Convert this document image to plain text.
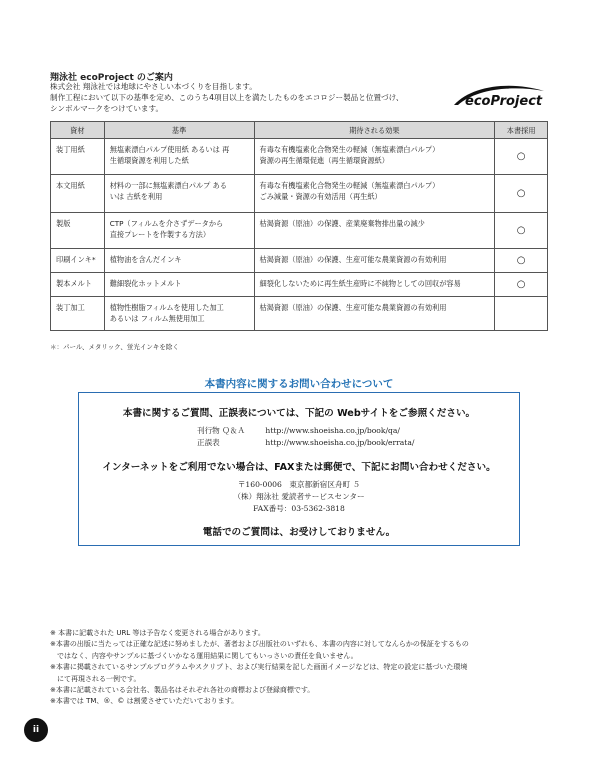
翔泳社 ecoProject のご案内
株式会社 翔泳社では地球にやさしい本づくりを目指します。
制作工程において以下の基準を定め、このうち4項目以上を満たしたものをエコロジー製品と位置づけ、
シンボルマークをつけています。	ecoProject
資材	基準	期待される効果	本書採用
装丁用紙	無塩素漂白パルプ使用紙 あるいは 再
生循環資源を利用した紙	有毒な有機塩素化合物発生の軽減（無塩素漂白パルプ）
資源の再生循環促進（再生循環資源紙）	○
本文用紙	材料の一部に無塩素漂白パルプ ある
いは 古紙を利用	有毒な有機塩素化合物発生の軽減（無塩素漂白パルプ）
ごみ減量・資源の有効活用（再生紙）	○
製版	CTP（フィルムを介さずデータから
直接プレートを作製する方法）	枯渇資源（原油）の保護、産業廃棄物排出量の減少	○
印刷インキ*	植物油を含んだインキ	枯渇資源（原油）の保護、生産可能な農業資源の有効利用	○
製本メルト	難細裂化ホットメルト	細裂化しないために再生紙生産時に不純物としての回収が容易	○
装丁加工	植物性樹脂フィルムを使用した加工
あるいは フィルム無使用加工	枯渇資源（原油）の保護、生産可能な農業資源の有効利用	

＊：パール、メタリック、蛍光インキを除く
本書内容に関するお問い合わせについて
本書に関するご質問、正誤表については、下記の Webサイトをご参照ください。
刊行物 Ｑ＆Ａ	http://www.shoeisha.co.jp/book/qa/
正誤表	http://www.shoeisha.co.jp/book/errata/
インターネットをご利用でない場合は、FAXまたは郵便で、下記にお問い合わせください。
〒160-0006　東京都新宿区舟町 ５
（株）翔泳社 愛読者サービスセンター
FAX番号：03-5362-3818
電話でのご質問は、お受けしておりません。
※ 本書に記載された URL 等は予告なく変更される場合があります。
※本書の出版に当たっては正確な記述に努めましたが、著者および出版社のいずれも、本書の内容に対してなんらかの保証をするもの
　ではなく、内容やサンプルに基づくいかなる運用結果に関してもいっさいの責任を負いません。
※本書に掲載されているサンプルプログラムやスクリプト、および実行結果を記した画面イメージなどは、特定の設定に基づいた環境
　にて再現される一例です。
※本書に記載されている会社名、製品名はそれぞれ各社の商標および登録商標です。
※本書では TM、®、© は割愛させていただいております。
ii
